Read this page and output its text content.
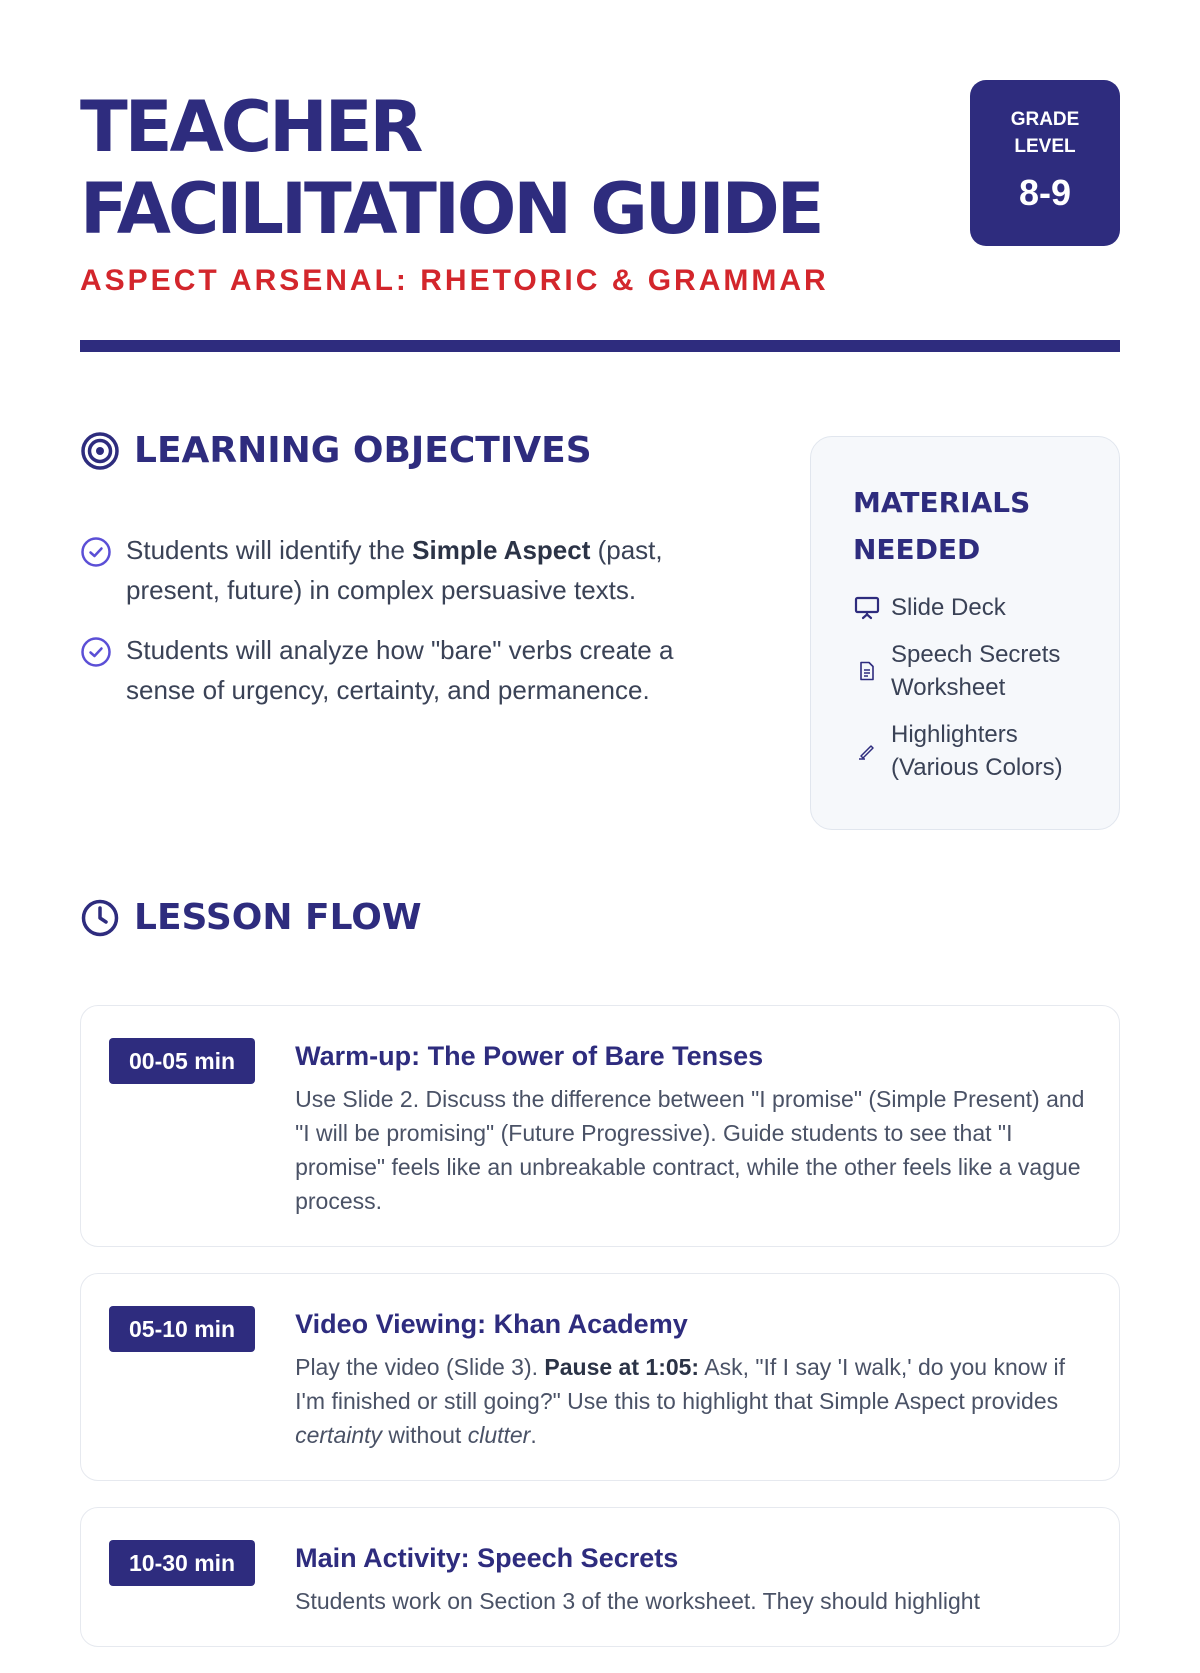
TEACHER
FACILITATION GUIDE
ASPECT ARSENAL: RHETORIC & GRAMMAR
GRADE LEVEL
8-9
LEARNING OBJECTIVES
Students will identify the Simple Aspect (past, present, future) in complex persuasive texts.
Students will analyze how "bare" verbs create a sense of urgency, certainty, and permanence.
MATERIALS NEEDED
Slide Deck
Speech Secrets Worksheet
Highlighters (Various Colors)
LESSON FLOW
00-05 min	Warm-up: The Power of Bare Tenses
Use Slide 2. Discuss the difference between "I promise" (Simple Present) and "I will be promising" (Future Progressive). Guide students to see that "I promise" feels like an unbreakable contract, while the other feels like a vague process.
05-10 min	Video Viewing: Khan Academy
Play the video (Slide 3). Pause at 1:05: Ask, "If I say 'I walk,' do you know if I'm finished or still going?" Use this to highlight that Simple Aspect provides certainty without clutter.
10-30 min	Main Activity: Speech Secrets
Students work on Section 3 of the worksheet. They should highlight
